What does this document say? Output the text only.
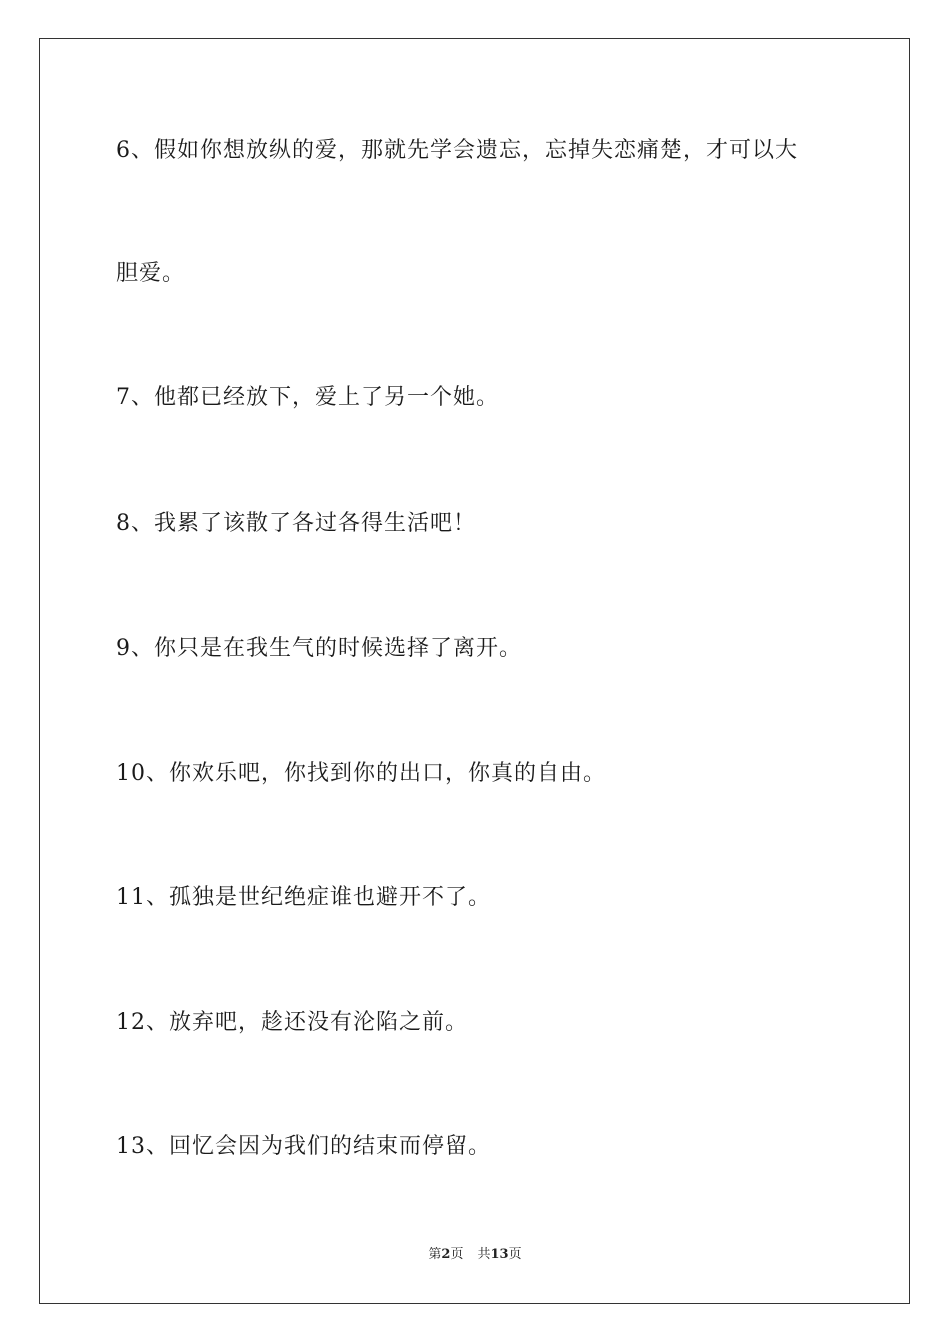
6、假如你想放纵的爱，那就先学会遗忘，忘掉失恋痛楚，才可以大
胆爱。
7、他都已经放下，爱上了另一个她。
8、我累了该散了各过各得生活吧！
9、你只是在我生气的时候选择了离开。
10、你欢乐吧，你找到你的出口，你真的自由。
11、孤独是世纪绝症谁也避开不了。
12、放弃吧，趁还没有沦陷之前。
13、回忆会因为我们的结束而停留。
第2页 共13页
